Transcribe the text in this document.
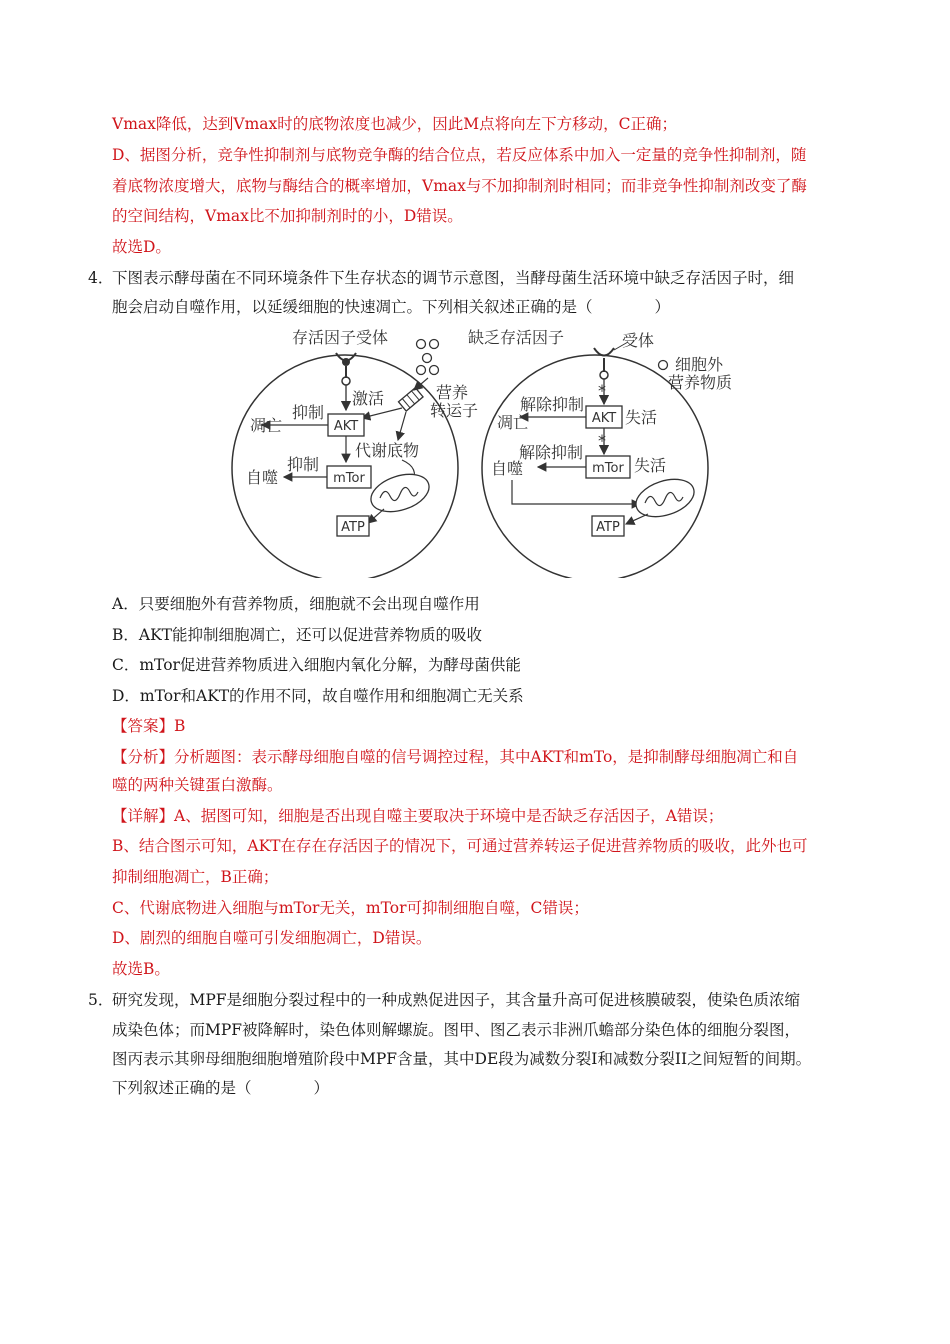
Vmax降低，达到Vmax时的底物浓度也减少，因此M点将向左下方移动，C正确；
D、据图分析，竞争性抑制剂与底物竞争酶的结合位点，若反应体系中加入一定量的竞争性抑制剂，随
着底物浓度增大，底物与酶结合的概率增加，Vmax与不加抑制剂时相同；而非竞争性抑制剂改变了酶
的空间结构，Vmax比不加抑制剂时的小，D错误。
故选D。
4．
下图表示酵母菌在不同环境条件下生存状态的调节示意图，当酵母菌生活环境中缺乏存活因子时，细
胞会启动自噬作用，以延缓细胞的快速凋亡。下列相关叙述正确的是（　　　　）
存活因子受体
激活	营养
转运子
AKT
抑制
凋亡
代谢底物
mTor
抑制
自噬
ATP
缺乏存活因子	受体
细胞外
营养物质
*
AKT 失活
解除抑制
凋亡
*
mTor 失活
解除抑制
自噬
ATP
A．只要细胞外有营养物质，细胞就不会出现自噬作用
B．AKT能抑制细胞凋亡，还可以促进营养物质的吸收
C．mTor促进营养物质进入细胞内氧化分解，为酵母菌供能
D．mTor和AKT的作用不同，故自噬作用和细胞凋亡无关系
【答案】B
【分析】分析题图：表示酵母细胞自噬的信号调控过程，其中AKT和mTo，是抑制酵母细胞凋亡和自
噬的两种关键蛋白激酶。
【详解】A、据图可知，细胞是否出现自噬主要取决于环境中是否缺乏存活因子，A错误；
B、结合图示可知，AKT在存在存活因子的情况下，可通过营养转运子促进营养物质的吸收，此外也可
抑制细胞凋亡，B正确；
C、代谢底物进入细胞与mTor无关，mTor可抑制细胞自噬，C错误；
D、剧烈的细胞自噬可引发细胞凋亡，D错误。
故选B。
5．
研究发现，MPF是细胞分裂过程中的一种成熟促进因子，其含量升高可促进核膜破裂，使染色质浓缩
成染色体；而MPF被降解时，染色体则解螺旋。图甲、图乙表示非洲爪蟾部分染色体的细胞分裂图，
图丙表示其卵母细胞细胞增殖阶段中MPF含量，其中DE段为减数分裂I和减数分裂II之间短暂的间期。
下列叙述正确的是（　　　　）
